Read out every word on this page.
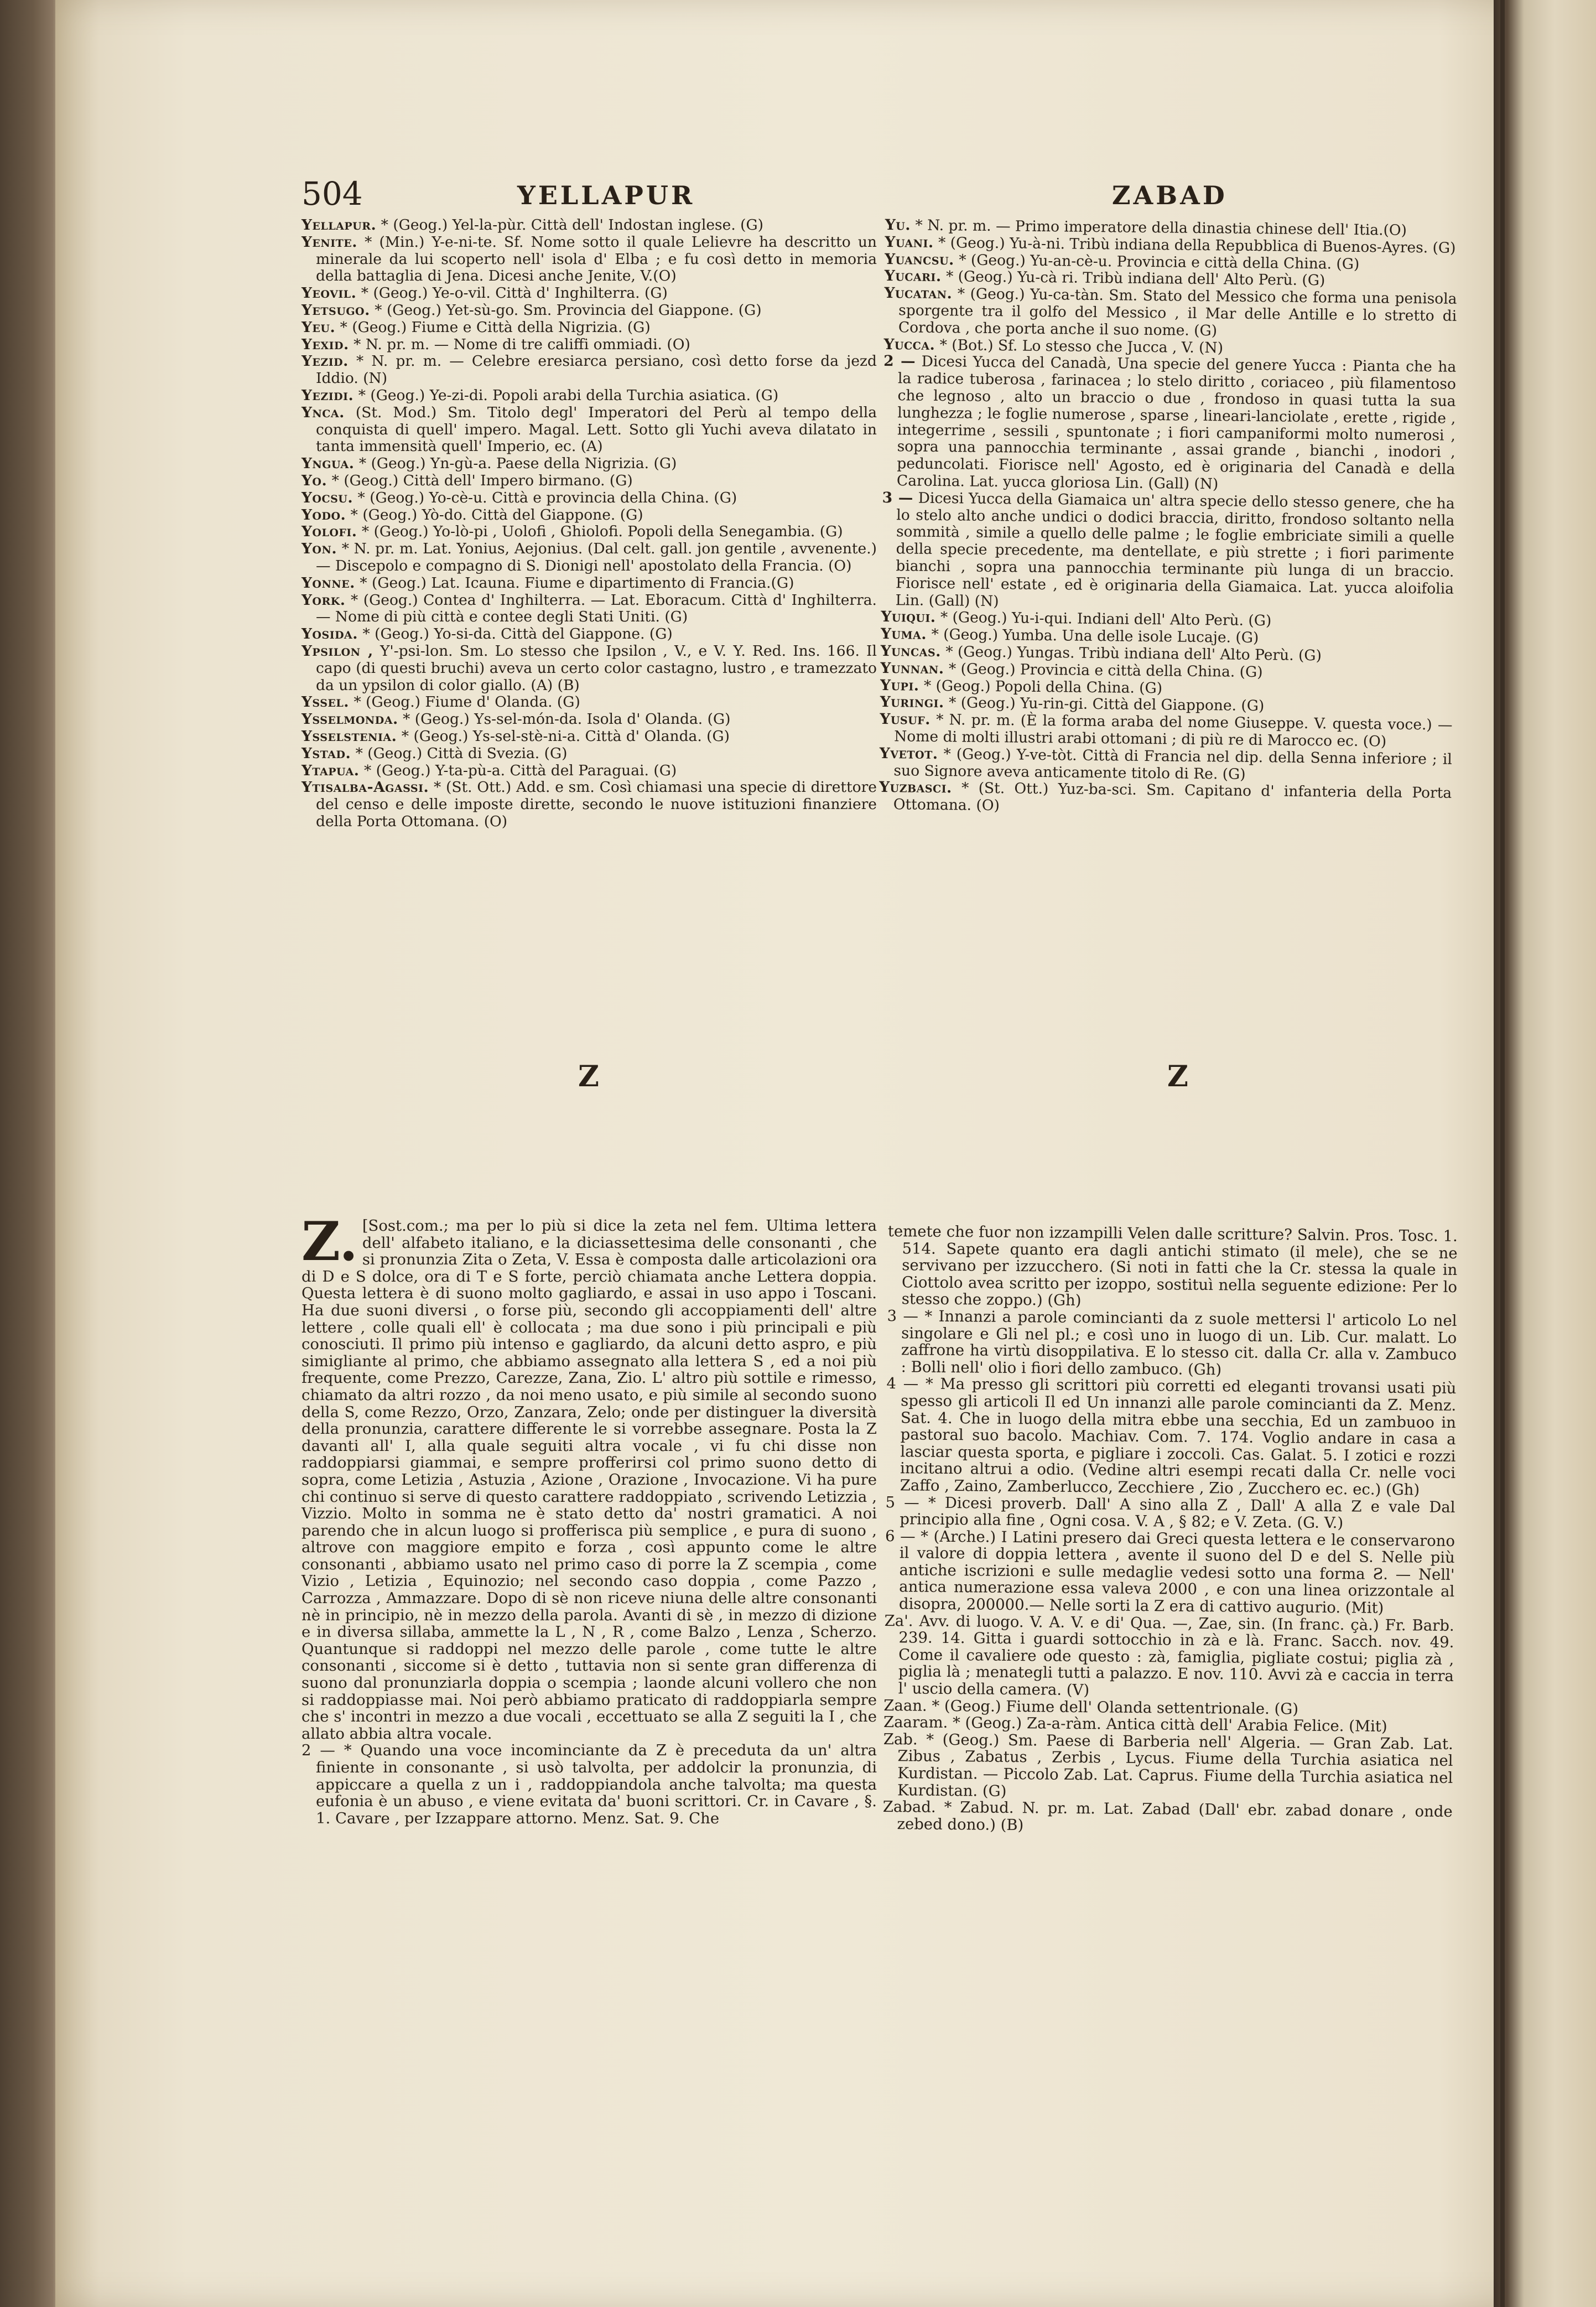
504	YELLAPUR	ZABAD

Yellapur. * (Geog.) Yel-la-pùr. Città dell' Indostan inglese. (G)

Yenite. * (Min.) Y-e-ni-te. Sf. Nome sotto il quale Lelievre ha descritto un minerale da lui scoperto nell' isola d' Elba ; e fu così detto in memoria della battaglia di Jena. Dicesi anche Jenite, V.(O)

Yeovil. * (Geog.) Ye-o-vil. Città d' Inghilterra. (G)

Yetsugo. * (Geog.) Yet-sù-go. Sm. Provincia del Giappone. (G)

Yeu. * (Geog.) Fiume e Città della Nigrizia. (G)

Yexid. * N. pr. m. — Nome di tre califfi ommiadi. (O)

Yezid. * N. pr. m. — Celebre eresiarca persiano, così detto forse da jezd Iddio. (N)

Yezidi. * (Geog.) Ye-zi-di. Popoli arabi della Turchia asiatica. (G)

Ynca. (St. Mod.) Sm. Titolo degl' Imperatori del Perù al tempo della conquista di quell' impero. Magal. Lett. Sotto gli Yuchi aveva dilatato in tanta immensità quell' Imperio, ec. (A)

Yngua. * (Geog.) Yn-gù-a. Paese della Nigrizia. (G)

Yo. * (Geog.) Città dell' Impero birmano. (G)

Yocsu. * (Geog.) Yo-cè-u. Città e provincia della China. (G)

Yodo. * (Geog.) Yò-do. Città del Giappone. (G)

Yolofi. * (Geog.) Yo-lò-pi , Uolofi , Ghiolofi. Popoli della Senegambia. (G)

Yon. * N. pr. m. Lat. Yonius, Aejonius. (Dal celt. gall. jon gentile , avvenente.) — Discepolo e compagno di S. Dionigi nell' apostolato della Francia. (O)

Yonne. * (Geog.) Lat. Icauna. Fiume e dipartimento di Francia.(G)

York. * (Geog.) Contea d' Inghilterra. — Lat. Eboracum. Città d' Inghilterra. — Nome di più città e contee degli Stati Uniti. (G)

Yosida. * (Geog.) Yo-si-da. Città del Giappone. (G)

Ypsilon , Y'-psi-lon. Sm. Lo stesso che Ipsilon , V., e V. Y. Red. Ins. 166. Il capo (di questi bruchi) aveva un certo color castagno, lustro , e tramezzato da un ypsilon di color giallo. (A) (B)

Yssel. * (Geog.) Fiume d' Olanda. (G)

Ysselmonda. * (Geog.) Ys-sel-món-da. Isola d' Olanda. (G)

Ysselstenia. * (Geog.) Ys-sel-stè-ni-a. Città d' Olanda. (G)

Ystad. * (Geog.) Città di Svezia. (G)

Ytapua. * (Geog.) Y-ta-pù-a. Città del Paraguai. (G)

Ytisalba-Agassi. * (St. Ott.) Add. e sm. Così chiamasi una specie di direttore del censo e delle imposte dirette, secondo le nuove istituzioni finanziere della Porta Ottomana. (O)

Yu. * N. pr. m. — Primo imperatore della dinastia chinese dell' Itia.(O)

Yuani. * (Geog.) Yu-à-ni. Tribù indiana della Repubblica di Buenos-Ayres. (G)

Yuancsu. * (Geog.) Yu-an-cè-u. Provincia e città della China. (G)

Yucari. * (Geog.) Yu-cà ri. Tribù indiana dell' Alto Perù. (G)

Yucatan. * (Geog.) Yu-ca-tàn. Sm. Stato del Messico che forma una penisola sporgente tra il golfo del Messico , il Mar delle Antille e lo stretto di Cordova , che porta anche il suo nome. (G)

Yucca. * (Bot.) Sf. Lo stesso che Jucca , V. (N)

2 — Dicesi Yucca del Canadà, Una specie del genere Yucca : Pianta che ha la radice tuberosa , farinacea ; lo stelo diritto , coriaceo , più filamentoso che legnoso , alto un braccio o due , frondoso in quasi tutta la sua lunghezza ; le foglie numerose , sparse , lineari-lanciolate , erette , rigide , integerrime , sessili , spuntonate ; i fiori campaniformi molto numerosi , sopra una pannocchia terminante , assai grande , bianchi , inodori , peduncolati. Fiorisce nell' Agosto, ed è originaria del Canadà e della Carolina. Lat. yucca gloriosa Lin. (Gall) (N)

3 — Dicesi Yucca della Giamaica un' altra specie dello stesso genere, che ha lo stelo alto anche undici o dodici braccia, diritto, frondoso soltanto nella sommità , simile a quello delle palme ; le foglie embriciate simili a quelle della specie precedente, ma dentellate, e più strette ; i fiori parimente bianchi , sopra una pannocchia terminante più lunga di un braccio. Fiorisce nell' estate , ed è originaria della Giamaica. Lat. yucca aloifolia Lin. (Gall) (N)

Yuiqui. * (Geog.) Yu-i-qui. Indiani dell' Alto Perù. (G)

Yuma. * (Geog.) Yumba. Una delle isole Lucaje. (G)

Yuncas. * (Geog.) Yungas. Tribù indiana dell' Alto Perù. (G)

Yunnan. * (Geog.) Provincia e città della China. (G)

Yupi. * (Geog.) Popoli della China. (G)

Yuringi. * (Geog.) Yu-rin-gi. Città del Giappone. (G)

Yusuf. * N. pr. m. (È la forma araba del nome Giuseppe. V. questa voce.) — Nome di molti illustri arabi ottomani ; di più re di Marocco ec. (O)

Yvetot. * (Geog.) Y-ve-tòt. Città di Francia nel dip. della Senna inferiore ; il suo Signore aveva anticamente titolo di Re. (G)

Yuzbasci. * (St. Ott.) Yuz-ba-sci. Sm. Capitano d' infanteria della Porta Ottomana. (O)

Z	Z
Z. [Sost.com.; ma per lo più si dice la zeta nel fem. Ultima lettera dell' alfabeto italiano, e la diciassettesima delle consonanti , che si pronunzia Zita o Zeta, V. Essa è composta dalle articolazioni ora di D e S dolce, ora di T e S forte, perciò chiamata anche Lettera doppia. Questa lettera è di suono molto gagliardo, e assai in uso appo i Toscani. Ha due suoni diversi , o forse più, secondo gli accoppiamenti dell' altre lettere , colle quali ell' è collocata ; ma due sono i più principali e più conosciuti. Il primo più intenso e gagliardo, da alcuni detto aspro, e più simigliante al primo, che abbiamo assegnato alla lettera S , ed a noi più frequente, come Prezzo, Carezze, Zana, Zio. L' altro più sottile e rimesso, chiamato da altri rozzo , da noi meno usato, e più simile al secondo suono della S, come Rezzo, Orzo, Zanzara, Zelo; onde per distinguer la diversità della pronunzia, carattere differente le si vorrebbe assegnare. Posta la Z davanti all' I, alla quale seguiti altra vocale , vi fu chi disse non raddoppiarsi giammai, e sempre profferirsi col primo suono detto di sopra, come Letizia , Astuzia , Azione , Orazione , Invocazione. Vi ha pure chi continuo si serve di questo carattere raddoppiato , scrivendo Letizzia , Vizzio. Molto in somma ne è stato detto da' nostri gramatici. A noi parendo che in alcun luogo si profferisca più semplice , e pura di suono , altrove con maggiore empito e forza , così appunto come le altre consonanti , abbiamo usato nel primo caso di porre la Z scempia , come Vizio , Letizia , Equinozio; nel secondo caso doppia , come Pazzo , Carrozza , Ammazzare. Dopo di sè non riceve niuna delle altre consonanti nè in principio, nè in mezzo della parola. Avanti di sè , in mezzo di dizione e in diversa sillaba, ammette la L , N , R , come Balzo , Lenza , Scherzo. Quantunque si raddoppi nel mezzo delle parole , come tutte le altre consonanti , siccome si è detto , tuttavia non si sente gran differenza di suono dal pronunziarla doppia o scempia ; laonde alcuni vollero che non si raddoppiasse mai. Noi però abbiamo praticato di raddoppiarla sempre che s' incontri in mezzo a due vocali , eccettuato se alla Z seguiti la I , che allato abbia altra vocale.

2 — * Quando una voce incominciante da Z è preceduta da un' altra finiente in consonante , si usò talvolta, per addolcir la pronunzia, di appiccare a quella z un i , raddoppiandola anche talvolta; ma questa eufonia è un abuso , e viene evitata da' buoni scrittori. Cr. in Cavare , §. 1. Cavare , per Izzappare attorno. Menz. Sat. 9. Che

temete che fuor non izzampilli Velen dalle scritture? Salvin. Pros. Tosc. 1. 514. Sapete quanto era dagli antichi stimato (il mele), che se ne servivano per izzucchero. (Si noti in fatti che la Cr. stessa la quale in Ciottolo avea scritto per izoppo, sostituì nella seguente edizione: Per lo stesso che zoppo.) (Gh)

3 — * Innanzi a parole comincianti da z suole mettersi l' articolo Lo nel singolare e Gli nel pl.; e così uno in luogo di un. Lib. Cur. malatt. Lo zaffrone ha virtù disoppilativa. E lo stesso cit. dalla Cr. alla v. Zambuco : Bolli nell' olio i fiori dello zambuco. (Gh)

4 — * Ma presso gli scrittori più corretti ed eleganti trovansi usati più spesso gli articoli Il ed Un innanzi alle parole comincianti da Z. Menz. Sat. 4. Che in luogo della mitra ebbe una secchia, Ed un zambuoo in pastoral suo bacolo. Machiav. Com. 7. 174. Voglio andare in casa a lasciar questa sporta, e pigliare i zoccoli. Cas. Galat. 5. I zotici e rozzi incitano altrui a odio. (Vedine altri esempi recati dalla Cr. nelle voci Zaffo , Zaino, Zamberlucco, Zecchiere , Zio , Zucchero ec. ec.) (Gh)

5 — * Dicesi proverb. Dall' A sino alla Z , Dall' A alla Z e vale Dal principio alla fine , Ogni cosa. V. A , § 82; e V. Zeta. (G. V.)

6 — * (Arche.) I Latini presero dai Greci questa lettera e le conservarono il valore di doppia lettera , avente il suono del D e del S. Nelle più antiche iscrizioni e sulle medaglie vedesi sotto una forma Ƨ. — Nell' antica numerazione essa valeva 2000 , e con una linea orizzontale al disopra, 200000.— Nelle sorti la Z era di cattivo augurio. (Mit)

Za'. Avv. di luogo. V. A. V. e di' Qua. —, Zae, sin. (In franc. çà.) Fr. Barb. 239. 14. Gitta i guardi sottocchio in zà e là. Franc. Sacch. nov. 49. Come il cavaliere ode questo : zà, famiglia, pigliate costui; piglia zà , piglia là ; menategli tutti a palazzo. E nov. 110. Avvi zà e caccia in terra l' uscio della camera. (V)

Zaan. * (Geog.) Fiume dell' Olanda settentrionale. (G)

Zaaram. * (Geog.) Za-a-ràm. Antica città dell' Arabia Felice. (Mit)

Zab. * (Geog.) Sm. Paese di Barberia nell' Algeria. — Gran Zab. Lat. Zibus , Zabatus , Zerbis , Lycus. Fiume della Turchia asiatica nel Kurdistan. — Piccolo Zab. Lat. Caprus. Fiume della Turchia asiatica nel Kurdistan. (G)

Zabad. * Zabud. N. pr. m. Lat. Zabad (Dall' ebr. zabad donare , onde zebed dono.) (B)
